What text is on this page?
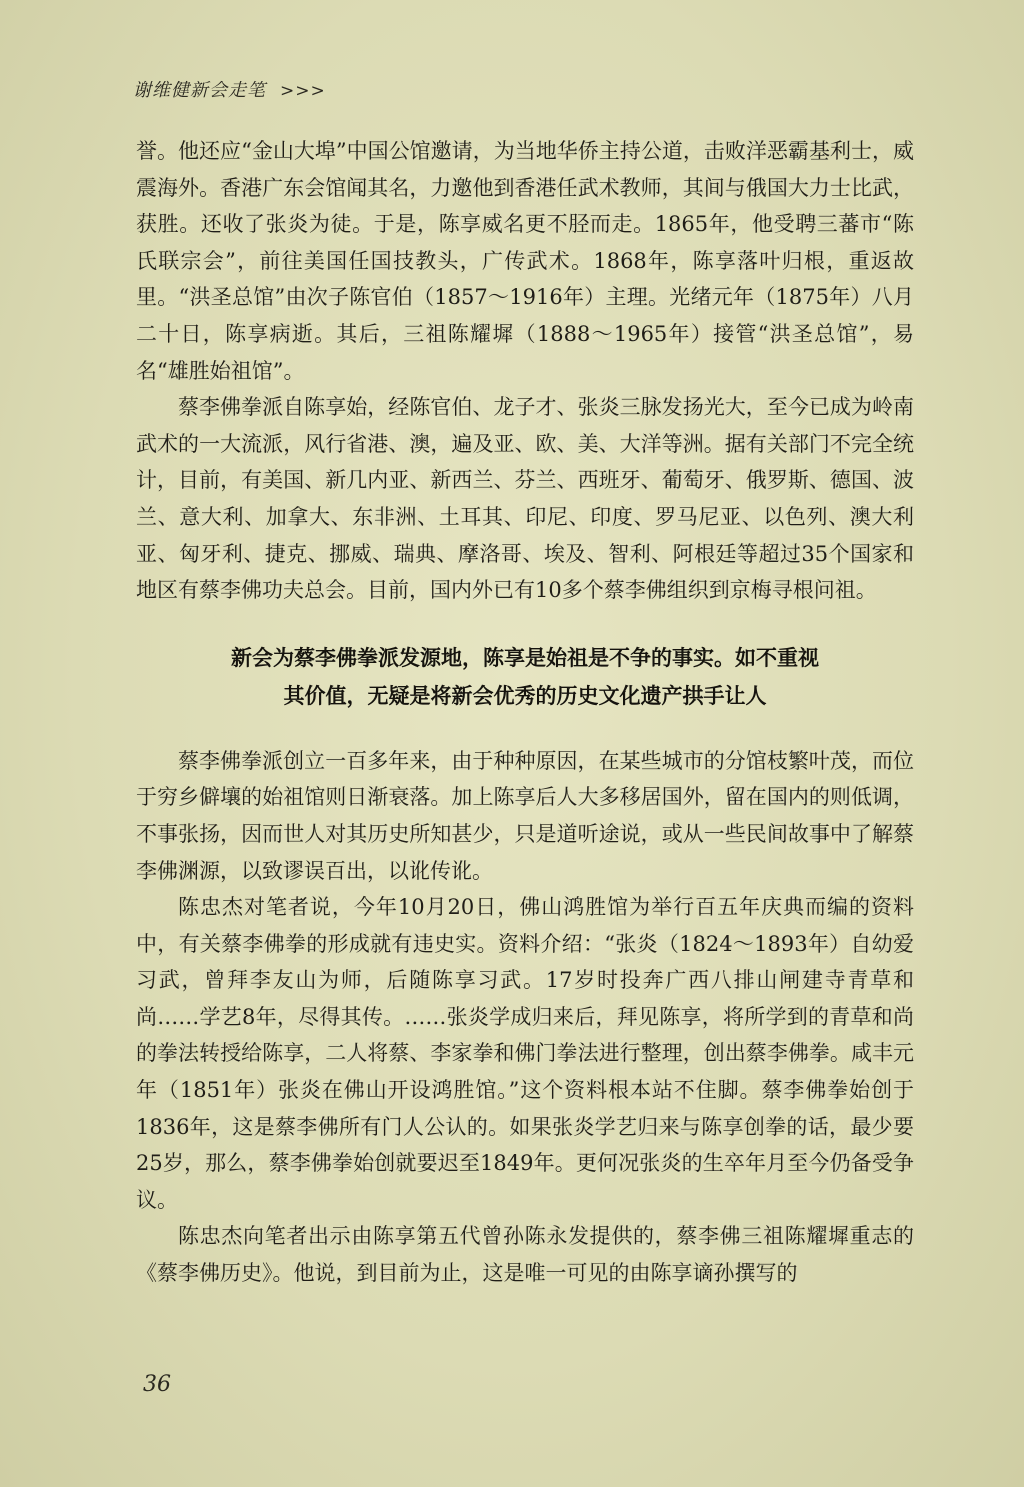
谢维健新会走笔 >>>

誉。他还应“金山大埠”中国公馆邀请，为当地华侨主持公道，击败洋恶霸基利士，威震海外。香港广东会馆闻其名，力邀他到香港任武术教师，其间与俄国大力士比武，获胜。还收了张炎为徒。于是，陈享威名更不胫而走。1865年，他受聘三蕃市“陈氏联宗会”，前往美国任国技教头，广传武术。1868年，陈享落叶归根，重返故里。“洪圣总馆”由次子陈官伯（1857～1916年）主理。光绪元年（1875年）八月二十日，陈享病逝。其后，三祖陈耀墀（1888～1965年）接管“洪圣总馆”，易名“雄胜始祖馆”。

蔡李佛拳派自陈享始，经陈官伯、龙子才、张炎三脉发扬光大，至今已成为岭南武术的一大流派，风行省港、澳，遍及亚、欧、美、大洋等洲。据有关部门不完全统计，目前，有美国、新几内亚、新西兰、芬兰、西班牙、葡萄牙、俄罗斯、德国、波兰、意大利、加拿大、东非洲、土耳其、印尼、印度、罗马尼亚、以色列、澳大利亚、匈牙利、捷克、挪威、瑞典、摩洛哥、埃及、智利、阿根廷等超过35个国家和地区有蔡李佛功夫总会。目前，国内外已有10多个蔡李佛组织到京梅寻根问祖。

新会为蔡李佛拳派发源地，陈享是始祖是不争的事实。如不重视
其价值，无疑是将新会优秀的历史文化遗产拱手让人

蔡李佛拳派创立一百多年来，由于种种原因，在某些城市的分馆枝繁叶茂，而位于穷乡僻壤的始祖馆则日渐衰落。加上陈享后人大多移居国外，留在国内的则低调，不事张扬，因而世人对其历史所知甚少，只是道听途说，或从一些民间故事中了解蔡李佛渊源，以致谬误百出，以讹传讹。

陈忠杰对笔者说，今年10月20日，佛山鸿胜馆为举行百五年庆典而编的资料中，有关蔡李佛拳的形成就有违史实。资料介绍：“张炎（1824～1893年）自幼爱习武，曾拜李友山为师，后随陈享习武。17岁时投奔广西八排山闸建寺青草和尚……学艺8年，尽得其传。……张炎学成归来后，拜见陈享，将所学到的青草和尚的拳法转授给陈享，二人将蔡、李家拳和佛门拳法进行整理，创出蔡李佛拳。咸丰元年（1851年）张炎在佛山开设鸿胜馆。”这个资料根本站不住脚。蔡李佛拳始创于1836年，这是蔡李佛所有门人公认的。如果张炎学艺归来与陈享创拳的话，最少要25岁，那么，蔡李佛拳始创就要迟至1849年。更何况张炎的生卒年月至今仍备受争议。

陈忠杰向笔者出示由陈享第五代曾孙陈永发提供的，蔡李佛三祖陈耀墀重志的《蔡李佛历史》。他说，到目前为止，这是唯一可见的由陈享谪孙撰写的

36
